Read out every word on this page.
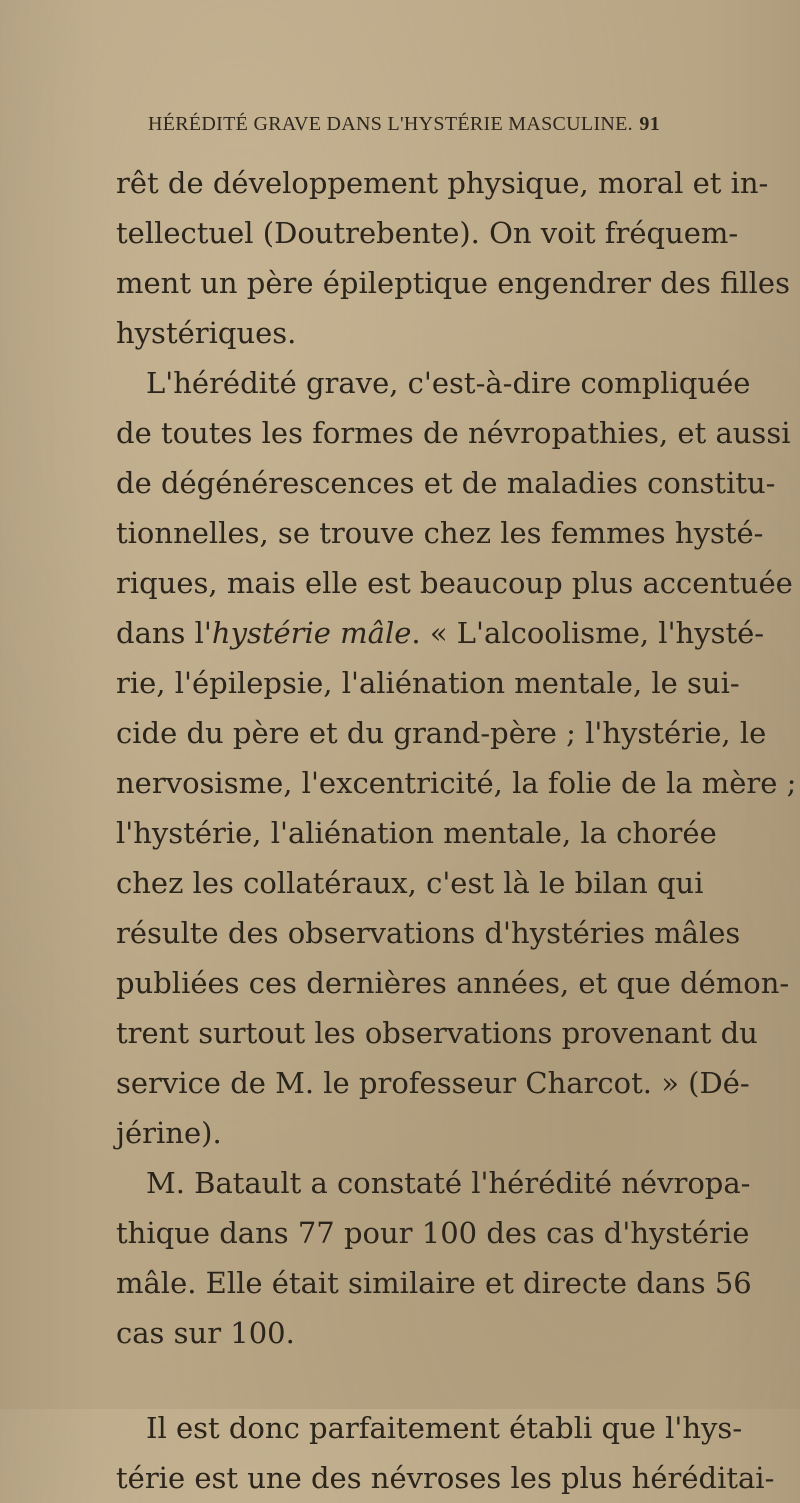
HÉRÉDITÉ GRAVE DANS L'HYSTÉRIE MASCULINE. 91
rêt de développement physique, moral et in-
tellectuel (Doutrebente). On voit fréquem-
ment un père épileptique engendrer des filles
hystériques.
L'hérédité grave, c'est-à-dire compliquée
de toutes les formes de névropathies, et aussi
de dégénérescences et de maladies constitu-
tionnelles, se trouve chez les femmes hysté-
riques, mais elle est beaucoup plus accentuée
dans l'hystérie mâle. « L'alcoolisme, l'hysté-
rie, l'épilepsie, l'aliénation mentale, le sui-
cide du père et du grand-père ; l'hystérie, le
nervosisme, l'excentricité, la folie de la mère ;
l'hystérie, l'aliénation mentale, la chorée
chez les collatéraux, c'est là le bilan qui
résulte des observations d'hystéries mâles
publiées ces dernières années, et que démon-
trent surtout les observations provenant du
service de M. le professeur Charcot. » (Dé-
jérine).
M. Batault a constaté l'hérédité névropa-
thique dans 77 pour 100 des cas d'hystérie
mâle. Elle était similaire et directe dans 56
cas sur 100.
Il est donc parfaitement établi que l'hys-
térie est une des névroses les plus héréditai-
